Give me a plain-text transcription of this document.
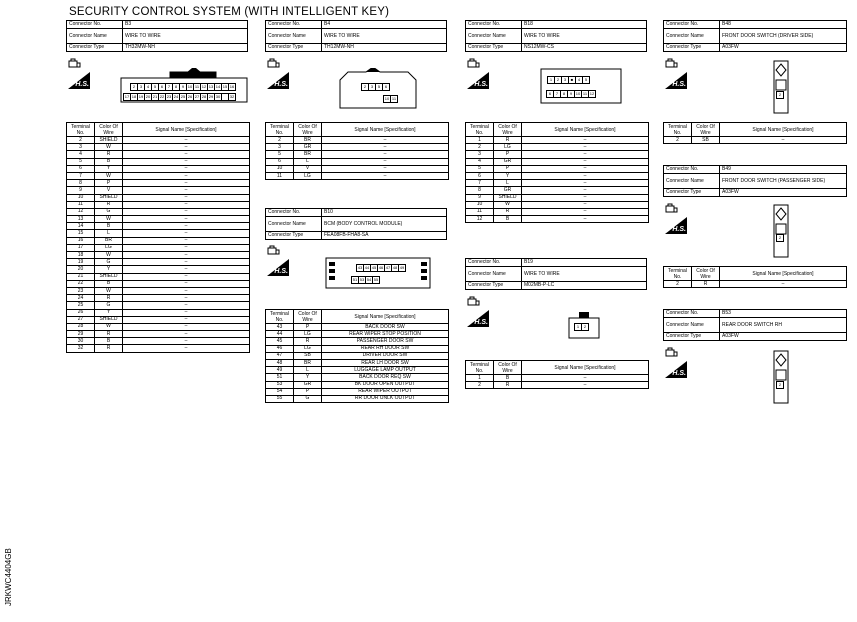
SECURITY CONTROL SYSTEM (WITH INTELLIGENT KEY)
JRKWC4404GB
Connector No.	B3
Connector Name	WIRE TO WIRE
Connector Type	TH32MW-NH
H.S.	2	3	4	5	6	7	8	9 10 11 12 13 14 15 16
17 18 19 20 21 22 23 24 25 26 27 28 29 30	32
Terminal No.	Color Of Wire	Signal Name [Specification]
2	SHIELD	–
3	W	–
4	R	–
5	B	–
6	Y	–
7	W	–
8	P	–
9	V	–
10	SHIELD	–
11	R	–
12	G	–
13	W	–
14	B	–
15	L	–
16	BR	–
17	LG	–
18	W	–
19	G	–
20	Y	–
21	SHIELD	–
22	B	–
23	W	–
24	R	–
25	G	–
26	Y	–
27	SHIELD	–
28	W	–
29	R	–
30	B	–
32	R	–
Connector No.	B4
Connector Name	WIRE TO WIRE
Connector Type	TH12MW-NH
H.S.	2	3	5	6
10 11
Terminal No.	Color Of Wire	Signal Name [Specification]
2	BR	–
3	GR	–
5	BR	–
6	L	–
10	V	–
11	LG	–
Connector No.	B10
Connector Name	BCM (BODY CONTROL MODULE)
Connector Type	FEA08FB-FHA8-SA
H.S.
43 44 45 46 47 48 49
51 53 54 55
Terminal No.	Color Of Wire	Signal Name [Specification]
43	P	BACK DOOR SW
44	LG	REAR WIPER STOP POSITION
45	R	PASSENGER DOOR SW
46	LG	REAR RH DOOR SW
47	SB	DRIVER DOOR SW
48	BR	REAR LH DOOR SW
49	L	LUGGAGE LAMP OUTPUT
51	Y	BACK DOOR REQ SW
53	GR	BK DOOR OPEN OUTPUT
54	P	REAR WIPER OUTPUT
55	G	RR DOOR UNLK OUTPUT
Connector No.	B18
Connector Name	WIRE TO WIRE
Connector Type	NS12MW-CS
H.S.
1	2	3	■	4	5
6	7	8	9 10 11 12
Terminal No.	Color Of Wire	Signal Name [Specification]
1	R	–
2	LG	–
3	P	–
4	GR	–
5	P	–
6	Y	–
7	L	–
8	GR	–
9	SHIELD	–
10	W	–
11	R	–
12	B	–
Connector No.	B19
Connector Name	WIRE TO WIRE
Connector Type	M02MB-P-LC
H.S.
1	2
Terminal No.	Color Of Wire	Signal Name [Specification]
1	B	–
2	R	–
Connector No.	B48
Connector Name	FRONT DOOR SWITCH (DRIVER SIDE)
Connector Type	A03FW
H.S.
2
Terminal No.	Color Of Wire	Signal Name [Specification]
2	SB	–
Connector No.	B49
Connector Name	FRONT DOOR SWITCH (PASSENGER SIDE)
Connector Type	A03FW
H.S.
2
Terminal No.	Color Of Wire	Signal Name [Specification]
2	R	–
Connector No.	B53
Connector Name	REAR DOOR SWITCH RH
Connector Type	A03FW
H.S.
2
